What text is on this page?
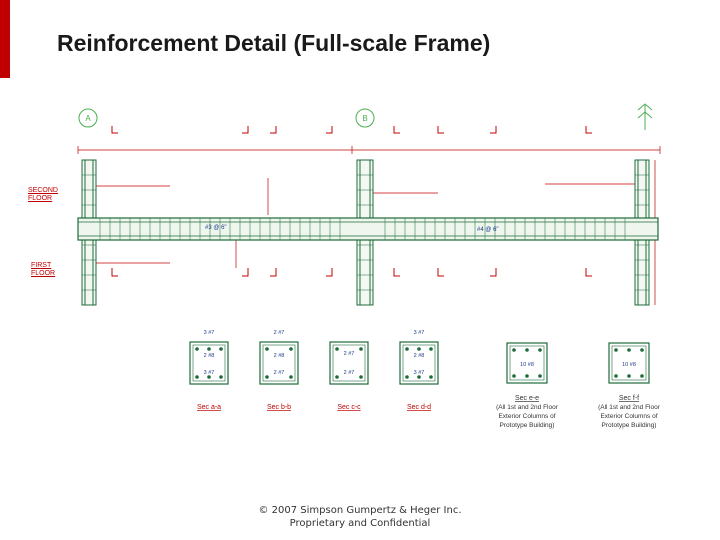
Reinforcement Detail (Full-scale Frame)
A	B
#3 @ 6"	#4 @ 6"
3 #7
2 #8
3 #7
Sec a-a
2 #7
2 #8
2 #7
Sec b-b
2 #7
2 #7
Sec c-c
3 #7
2 #8
3 #7
Sec d-d
10 #8
Sec e-e
(All 1st and 2nd Floor
Exterior Columns of
Prototype Building)
10 #8
Sec f-f
(All 1st and 2nd Floor
Exterior Columns of
Prototype Building)
SECOND
FLOOR
FIRST
FLOOR
© 2007 Simpson Gumpertz & Heger Inc.
Proprietary and Confidential
